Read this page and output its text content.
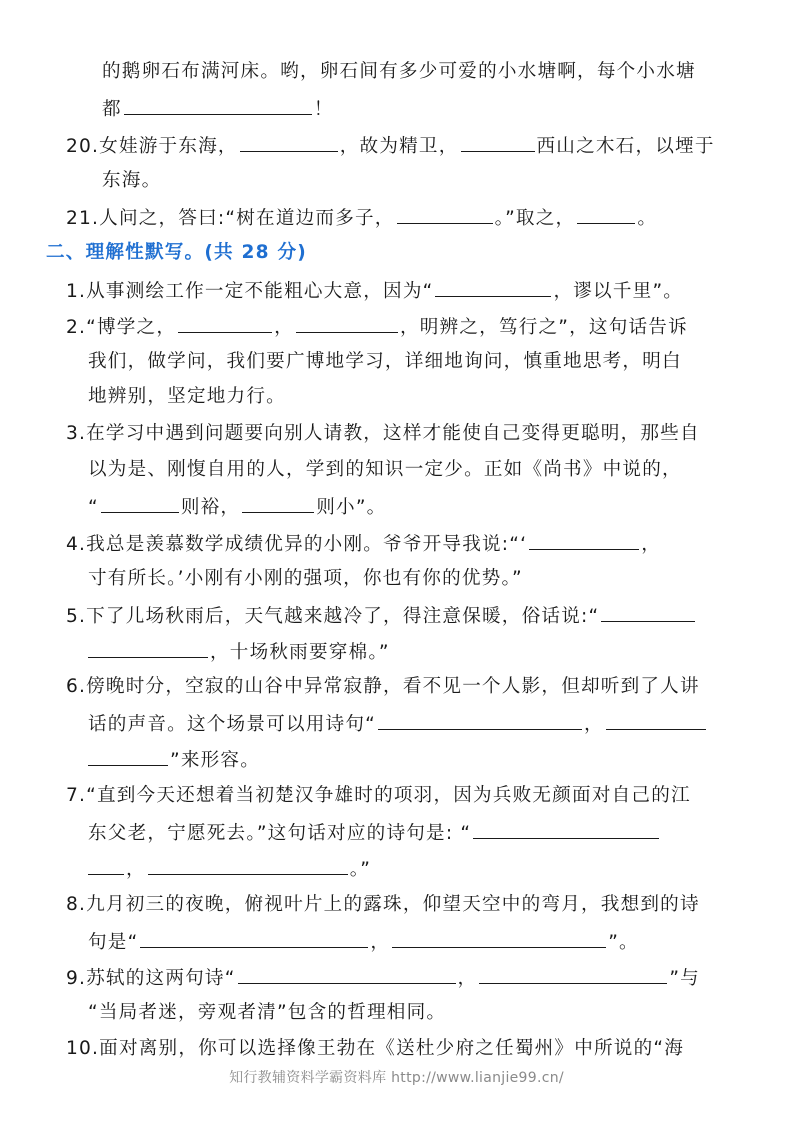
的鹅卵石布满河床。哟，卵石间有多少可爱的小水塘啊，每个小水塘
都	！
20.女娃游于东海，	，故为精卫，	西山之木石，以堙于
东海。
21.人问之，答曰:“树在道边而多子，	。”取之，	。
二、理解性默写。(共 28 分)
1.从事测绘工作一定不能粗心大意，因为“	，谬以千里”。
2.“博学之，	，	，明辨之，笃行之”，这句话告诉
我们，做学问，我们要广博地学习，详细地询问，慎重地思考，明白
地辨别，坚定地力行。
3.在学习中遇到问题要向别人请教，这样才能使自己变得更聪明，那些自
以为是、刚愎自用的人，学到的知识一定少。正如《尚书》中说的，
“	则裕，	则小”。
4.我总是羡慕数学成绩优异的小刚。爷爷开导我说:“‘	，
寸有所长。’小刚有小刚的强项，你也有你的优势。”
5.下了儿场秋雨后，天气越来越冷了，得注意保暖，俗话说:“
，十场秋雨要穿棉。”
6.傍晚时分，空寂的山谷中异常寂静，看不见一个人影，但却听到了人讲
话的声音。这个场景可以用诗句“	，
”来形容。
7.“直到今天还想着当初楚汉争雄时的项羽，因为兵败无颜面对自己的江
东父老，宁愿死去。”这句话对应的诗句是: “
，	。”
8.九月初三的夜晚，俯视叶片上的露珠，仰望天空中的弯月，我想到的诗
句是“	，	”。
9.苏轼的这两句诗“	，	”与
“当局者迷，旁观者清”包含的哲理相同。
10.面对离别，你可以选择像王勃在《送杜少府之任蜀州》中所说的“海
知行教辅资料学霸资料库 http://www.lianjie99.cn/
